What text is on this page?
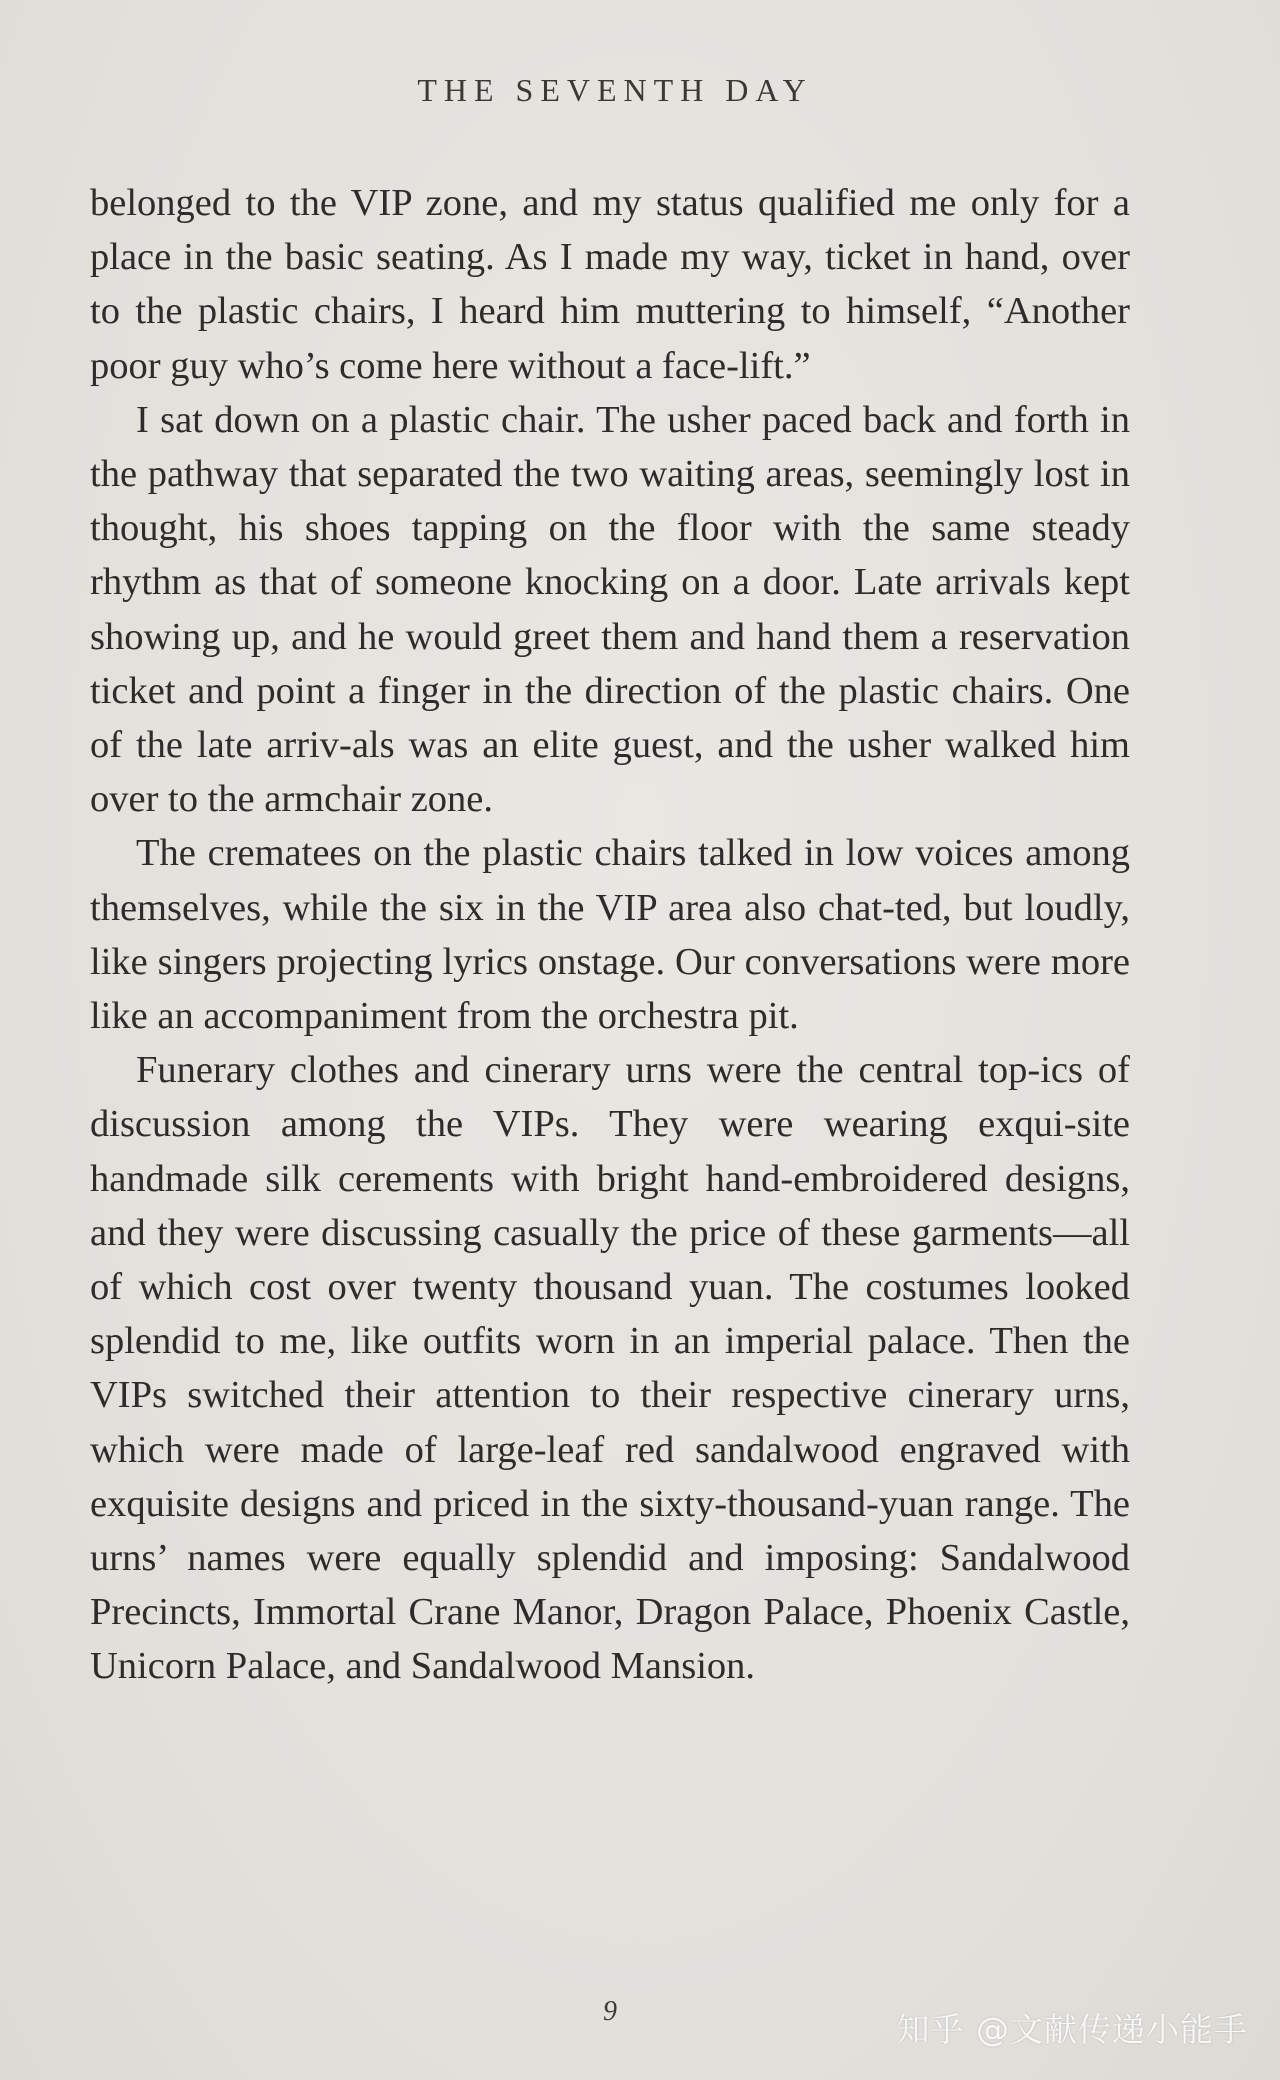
THE SEVENTH DAY

belonged to the VIP zone, and my status qualified me only for a place in the basic seating. As I made my way, ticket in hand, over to the plastic chairs, I heard him muttering to himself, “Another poor guy who’s come here without a face-lift.”

I sat down on a plastic chair. The usher paced back and forth in the pathway that separated the two waiting areas, seemingly lost in thought, his shoes tapping on the floor with the same steady rhythm as that of someone knocking on a door. Late arrivals kept showing up, and he would greet them and hand them a reservation ticket and point a finger in the direction of the plastic chairs. One of the late arriv-als was an elite guest, and the usher walked him over to the armchair zone.

The crematees on the plastic chairs talked in low voices among themselves, while the six in the VIP area also chat-ted, but loudly, like singers projecting lyrics onstage. Our conversations were more like an accompaniment from the orchestra pit.

Funerary clothes and cinerary urns were the central top-ics of discussion among the VIPs. They were wearing exqui-site handmade silk cerements with bright hand-embroidered designs, and they were discussing casually the price of these garments—all of which cost over twenty thousand yuan. The costumes looked splendid to me, like outfits worn in an imperial palace. Then the VIPs switched their attention to their respective cinerary urns, which were made of large-leaf red sandalwood engraved with exquisite designs and priced in the sixty-thousand-yuan range. The urns’ names were equally splendid and imposing: Sandalwood Precincts, Immortal Crane Manor, Dragon Palace, Phoenix Castle, Unicorn Palace, and Sandalwood Mansion.

9	知乎 @文献传递小能手
